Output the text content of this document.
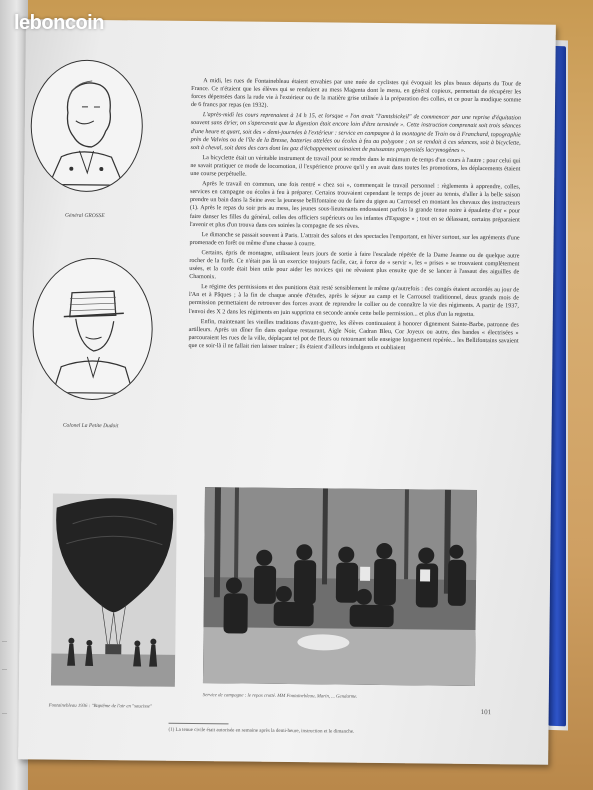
—
—
—
Général GROSSE
Colonel La Petite Dudoit

A midi, les rues de Fontainebleau étaient envahies par une nuée de cyclistes qui évoquait les plus beaux départs du Tour de France. Ce n'étaient que les élèves qui se rendaient au mess Magenta dont le menu, en général copieux, permettait de récupérer les forces dépensées dans la rude vie à l'extérieur ou de la matière grise utilisée à la préparation des colles, et ce pour la modique somme de 6 francs par repas (en 1932).

L'après-midi les cours reprenaient à 14 h 15, et lorsque « l'on avait "l'amtshickeil" de commencer par une reprise d'équitation souvent sans étrier, on s'apercevait que la digestion était encore loin d'être terminée ». Cette instruction comprenait soit trois séances d'une heure et quart, soit des « demi-journées à l'extérieur : service en campagne à la montagne de Train ou à Franchard, topographie près de Valvins ou de l'île de la Bresse, batteries attelées ou écoles à feu au polygone ; on se rendait à ces séances, soit à bicyclette, soit à cheval, soit dans des cars dont les gaz d'échappement usinaient de puissantes propensités lacrymogènes ».

La bicyclette était un véritable instrument de travail pour se rendre dans le minimum de temps d'un cours à l'autre ; pour celui qui ne savait pratiquer ce mode de locomotion, il l'expérience prouve qu'il y en avait dans toutes les promotions, les déplacements étaient une course perpétuelle.

Après le travail en commun, une fois rentré « chez soi », commençait le travail personnel : règlements à apprendre, colles, services en campagne ou écoles à feu à préparer. Certains trouvaient cependant le temps de jouer au tennis, d'aller à la belle saison prendre un bain dans la Seine avec la jeunesse bellifontaine ou de faire du gigen au Carrousel en montant les chevaux des instructeurs (1). Après le repas du soir pris au mess, les jeunes sous-lieutenants endossaient parfois la grande tenue noire à épaulette d'or « pour faire danser les filles du général, celles des officiers supérieurs ou les infantes d'Espagne » ; tout en se délassant, certains préparaient l'avenir et plus d'un trouva dans ces soirées la compagne de ses rêves.

Le dimanche se passait souvent à Paris. L'attrait des salons et des spectacles l'emportant, en hiver surtout, sur les agréments d'une promenade en forêt ou même d'une chasse à courre.

Certains, épris de montagne, utilisaient leurs jours de sortie à faire l'escalade répétée de la Dame Jeanne ou de quelque autre rocher de la forêt. Ce n'était pas là un exercice toujours facile, car, à force de « servir », les « prises » se trouvaient complètement usées, et la corde était bien utile pour aider les novices qui ne rêvaient plus ensuite que de se lancer à l'assaut des aiguilles de Chamonix.

Le régime des permissions et des punitions était resté sensiblement le même qu'autrefois : des congés étaient accordés au jour de l'An et à Pâques ; à la fin de chaque année d'études, après le séjour au camp et le Carrousel traditionnel, deux grands mois de permission permettaient de retrouver des forces avant de reprendre le collier ou de connaître la vie des régiments. A partir de 1937, l'envoi des X 2 dans les régiments en juin supprima en seconde année cette belle permission... et plus d'un la regretta.

Enfin, maintenant les vieilles traditions d'avant-guerre, les élèves continuaient à honorer dignement Sainte-Barbe, patronne des artilleurs. Après un dîner fin dans quelque restaurant, Aigle Noir, Cadran Bleu, Cor Joyeux ou autre, des bandes « électrisées » parcouraient les rues de la ville, déplaçant tel pot de fleurs ou retournant telle enseigne longuement repérée... les Bellifontains savaient que ce soir-là il ne fallait rien laisser traîner ; ils étaient d'ailleurs indulgents et oubliaient

Fontainebleau 1936 : "Baptême de l'air en "saucisse"
Service de campagne : le repas crotté. MM Fontainebleau, Marin, ... Gendarme.
101
(1) La tenue civile était autorisée en semaine après la demi-heure, instruction et le dimanche.
leboncoin
